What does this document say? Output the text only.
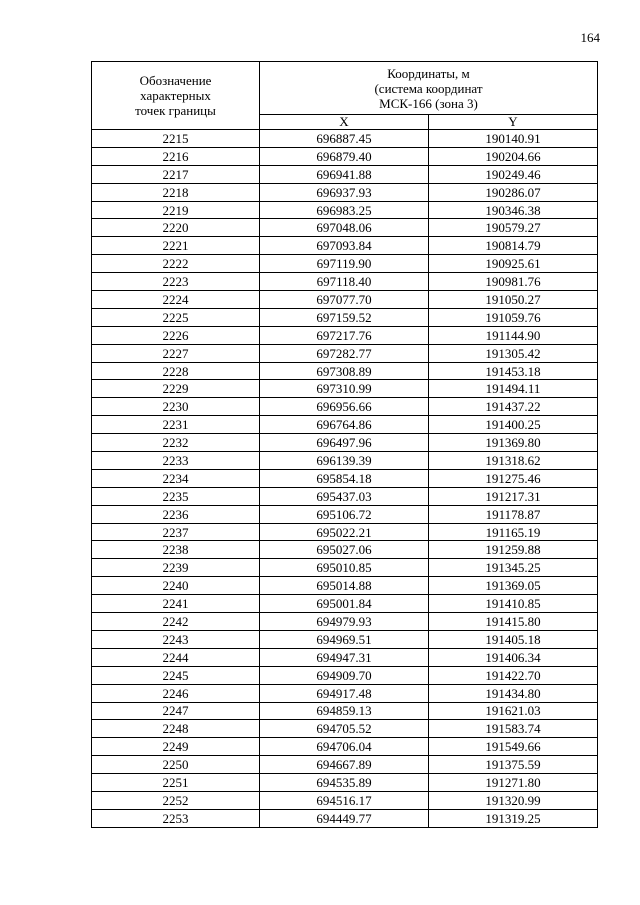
164
Обозначение
характерных
точек границы	Координаты, м
(система координат
МСК-166 (зона 3)	

	X	Y
2215	696887.45	190140.91
2216	696879.40	190204.66
2217	696941.88	190249.46
2218	696937.93	190286.07
2219	696983.25	190346.38
2220	697048.06	190579.27
2221	697093.84	190814.79
2222	697119.90	190925.61
2223	697118.40	190981.76
2224	697077.70	191050.27
2225	697159.52	191059.76
2226	697217.76	191144.90
2227	697282.77	191305.42
2228	697308.89	191453.18
2229	697310.99	191494.11
2230	696956.66	191437.22
2231	696764.86	191400.25
2232	696497.96	191369.80
2233	696139.39	191318.62
2234	695854.18	191275.46
2235	695437.03	191217.31
2236	695106.72	191178.87
2237	695022.21	191165.19
2238	695027.06	191259.88
2239	695010.85	191345.25
2240	695014.88	191369.05
2241	695001.84	191410.85
2242	694979.93	191415.80
2243	694969.51	191405.18
2244	694947.31	191406.34
2245	694909.70	191422.70
2246	694917.48	191434.80
2247	694859.13	191621.03
2248	694705.52	191583.74
2249	694706.04	191549.66
2250	694667.89	191375.59
2251	694535.89	191271.80
2252	694516.17	191320.99
2253	694449.77	191319.25
